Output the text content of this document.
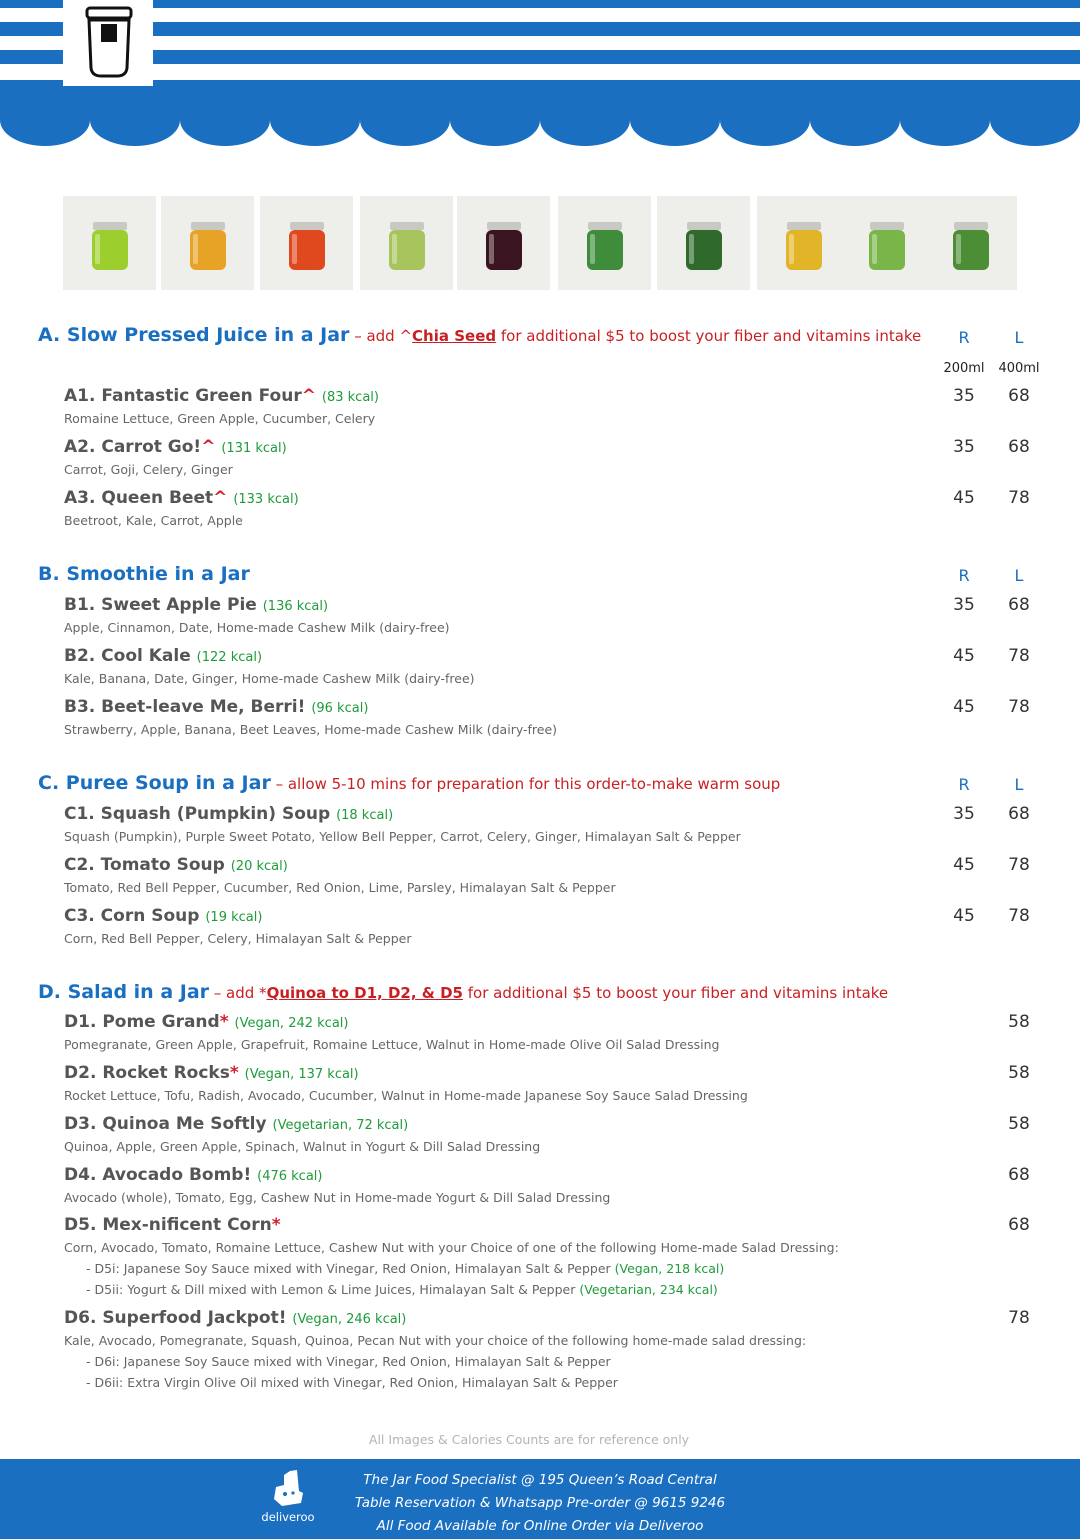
A. Slow Pressed Juice in a Jar – add ^Chia Seed for additional $5 to boost your fiber and vitamins intake	R	L
200ml	400ml
A1. Fantastic Green Four^ (83 kcal)
Romaine Lettuce, Green Apple, Cucumber, Celery
35	68
A2. Carrot Go!^ (131 kcal)
Carrot, Goji, Celery, Ginger
35	68
A3. Queen Beet^ (133 kcal)
Beetroot, Kale, Carrot, Apple
45	78
B. Smoothie in a Jar	R	L
B1. Sweet Apple Pie (136 kcal)
Apple, Cinnamon, Date, Home-made Cashew Milk (dairy-free)
35	68
B2. Cool Kale (122 kcal)
Kale, Banana, Date, Ginger, Home-made Cashew Milk (dairy-free)
45	78
B3. Beet-leave Me, Berri! (96 kcal)
Strawberry, Apple, Banana, Beet Leaves, Home-made Cashew Milk (dairy-free)
45	78
C. Puree Soup in a Jar – allow 5-10 mins for preparation for this order-to-make warm soup	R	L
C1. Squash (Pumpkin) Soup (18 kcal)
Squash (Pumpkin), Purple Sweet Potato, Yellow Bell Pepper, Carrot, Celery, Ginger, Himalayan Salt & Pepper
35	68
C2. Tomato Soup (20 kcal)
Tomato, Red Bell Pepper, Cucumber, Red Onion, Lime, Parsley, Himalayan Salt & Pepper
45	78
C3. Corn Soup (19 kcal)
Corn, Red Bell Pepper, Celery, Himalayan Salt & Pepper
45	78
D. Salad in a Jar – add *Quinoa to D1, D2, & D5 for additional $5 to boost your fiber and vitamins intake
D1. Pome Grand* (Vegan, 242 kcal)
Pomegranate, Green Apple, Grapefruit, Romaine Lettuce, Walnut in Home-made Olive Oil Salad Dressing
58
D2. Rocket Rocks* (Vegan, 137 kcal)
Rocket Lettuce, Tofu, Radish, Avocado, Cucumber, Walnut in Home-made Japanese Soy Sauce Salad Dressing
58
D3. Quinoa Me Softly (Vegetarian, 72 kcal)
Quinoa, Apple, Green Apple, Spinach, Walnut in Yogurt & Dill Salad Dressing
58
D4. Avocado Bomb! (476 kcal)
Avocado (whole), Tomato, Egg, Cashew Nut in Home-made Yogurt & Dill Salad Dressing
68
D5. Mex-nificent Corn*
Corn, Avocado, Tomato, Romaine Lettuce, Cashew Nut with your Choice of one of the following Home-made Salad Dressing:
68
- D5i: Japanese Soy Sauce mixed with Vinegar, Red Onion, Himalayan Salt & Pepper (Vegan, 218 kcal)
- D5ii: Yogurt & Dill mixed with Lemon & Lime Juices, Himalayan Salt & Pepper (Vegetarian, 234 kcal)
D6. Superfood Jackpot! (Vegan, 246 kcal)
Kale, Avocado, Pomegranate, Squash, Quinoa, Pecan Nut with your choice of the following home-made salad dressing:
78
- D6i: Japanese Soy Sauce mixed with Vinegar, Red Onion, Himalayan Salt & Pepper
- D6ii: Extra Virgin Olive Oil mixed with Vinegar, Red Onion, Himalayan Salt & Pepper
All Images & Calories Counts are for reference only
deliveroo
The Jar Food Specialist @ 195 Queen’s Road Central
Table Reservation & Whatsapp Pre-order @ 9615 9246
All Food Available for Online Order via Deliveroo
